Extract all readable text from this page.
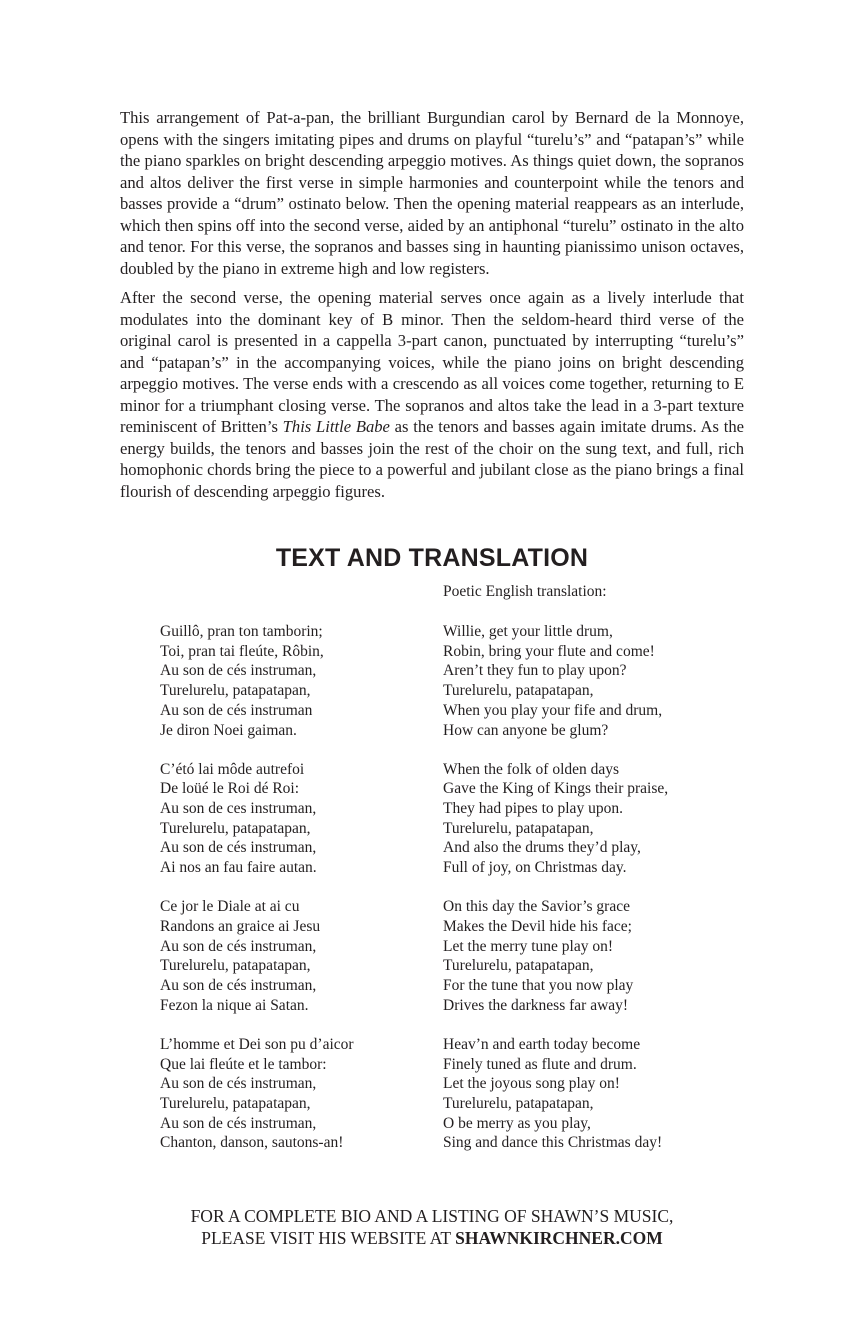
This arrangement of Pat-a-pan, the brilliant Burgundian carol by Bernard de la Monnoye, opens with the singers imitating pipes and drums on playful “turelu’s” and “patapan’s” while the piano sparkles on bright descending arpeggio motives. As things quiet down, the sopranos and altos deliver the first verse in simple harmonies and counterpoint while the tenors and basses provide a “drum” ostinato below. Then the opening material reappears as an interlude, which then spins off into the second verse, aided by an antiphonal “turelu” ostinato in the alto and tenor. For this verse, the sopranos and basses sing in haunting pianissimo unison octaves, doubled by the piano in extreme high and low registers.

After the second verse, the opening material serves once again as a lively interlude that modulates into the dominant key of B minor. Then the seldom-heard third verse of the original carol is presented in a cappella 3-part canon, punctuated by interrupting “turelu’s” and “patapan’s” in the accompanying voices, while the piano joins on bright descending arpeggio motives. The verse ends with a crescendo as all voices come together, returning to E minor for a triumphant closing verse. The sopranos and altos take the lead in a 3-part texture reminiscent of Britten’s This Little Babe as the tenors and basses again imitate drums. As the energy builds, the tenors and basses join the rest of the choir on the sung text, and full, rich homophonic chords bring the piece to a powerful and jubilant close as the piano brings a final flourish of descending arpeggio figures.

TEXT AND TRANSLATION
Poetic English translation:
Guillô, pran ton tamborin;
Toi, pran tai fleúte, Rôbin,
Au son de cés instruman,
Turelurelu, patapatapan,
Au son de cés instruman
Je diron Noei gaiman.
C’étó lai môde autrefoi
De loüé le Roi dé Roi:
Au son de ces instruman,
Turelurelu, patapatapan,
Au son de cés instruman,
Ai nos an fau faire autan.
Ce jor le Diale at ai cu
Randons an graice ai Jesu
Au son de cés instruman,
Turelurelu, patapatapan,
Au son de cés instruman,
Fezon la nique ai Satan.
L’homme et Dei son pu d’aicor
Que lai fleúte et le tambor:
Au son de cés instruman,
Turelurelu, patapatapan,
Au son de cés instruman,
Chanton, danson, sautons-an!
Willie, get your little drum,
Robin, bring your flute and come!
Aren’t they fun to play upon?
Turelurelu, patapatapan,
When you play your fife and drum,
How can anyone be glum?
When the folk of olden days
Gave the King of Kings their praise,
They had pipes to play upon.
Turelurelu, patapatapan,
And also the drums they’d play,
Full of joy, on Christmas day.
On this day the Savior’s grace
Makes the Devil hide his face;
Let the merry tune play on!
Turelurelu, patapatapan,
For the tune that you now play
Drives the darkness far away!
Heav’n and earth today become
Finely tuned as flute and drum.
Let the joyous song play on!
Turelurelu, patapatapan,
O be merry as you play,
Sing and dance this Christmas day!
FOR A COMPLETE BIO AND A LISTING OF SHAWN’S MUSIC,
PLEASE VISIT HIS WEBSITE AT SHAWNKIRCHNER.COM
